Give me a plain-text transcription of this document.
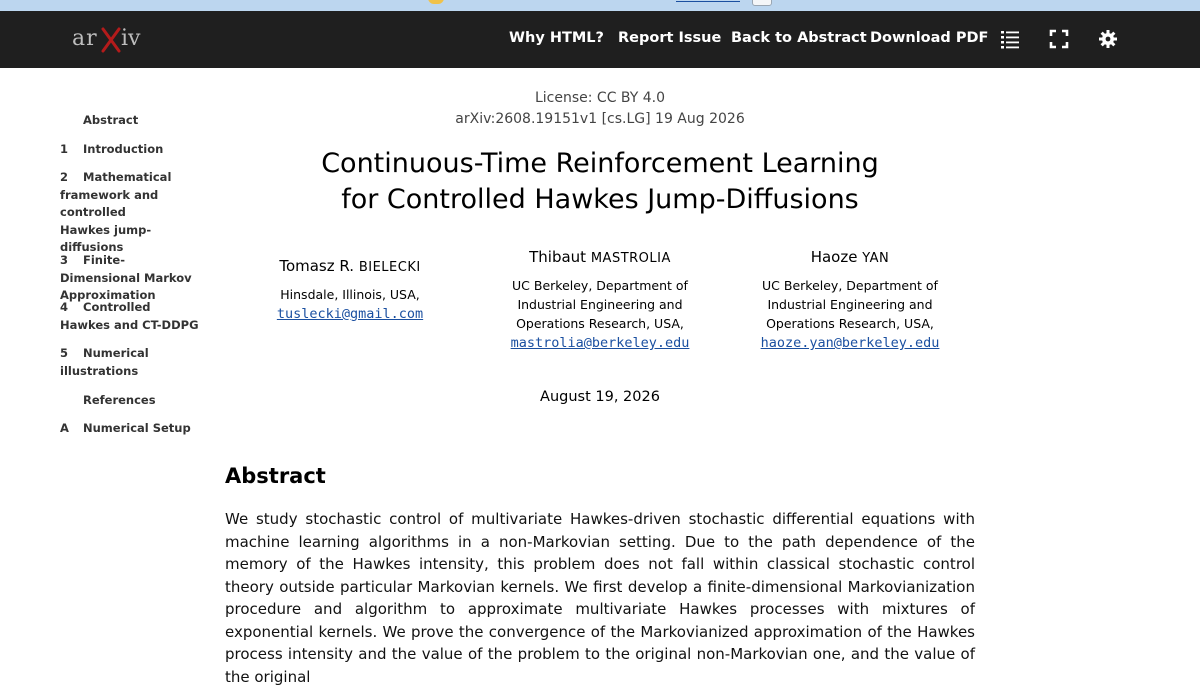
ar iv	Why HTML? Report Issue Back to Abstract Download PDF
Abstract
1	Introduction
2	Mathematical framework and controlled Hawkes jump-diffusions
3	Finite-Dimensional Markov Approximation
4	Controlled Hawkes and CT-DDPG
5	Numerical illustrations
References
A	Numerical Setup
License: CC BY 4.0
arXiv:2608.19151v1 [cs.LG] 19 Aug 2026
Continuous-Time Reinforcement Learning
for Controlled Hawkes Jump-Diffusions
Tomasz R. BIELECKI
Hinsdale, Illinois, USA,
tuslecki@gmail.com
Thibaut MASTROLIA
UC Berkeley, Department of Industrial Engineering and Operations Research, USA, mastrolia@berkeley.edu
Haoze YAN
UC Berkeley, Department of Industrial Engineering and Operations Research, USA, haoze.yan@berkeley.edu
August 19, 2026
Abstract
We study stochastic control of multivariate Hawkes-driven stochastic differential equations with machine learning algorithms in a non-Markovian setting. Due to the path dependence of the memory of the Hawkes intensity, this problem does not fall within classical stochastic control theory outside particular Markovian kernels. We first develop a finite-dimensional Markovianization procedure and algorithm to approximate multivariate Hawkes processes with mixtures of exponential kernels. We prove the convergence of the Markovianized approximation of the Hawkes process intensity and the value of the problem to the original non-Markovian one, and the value of the original
